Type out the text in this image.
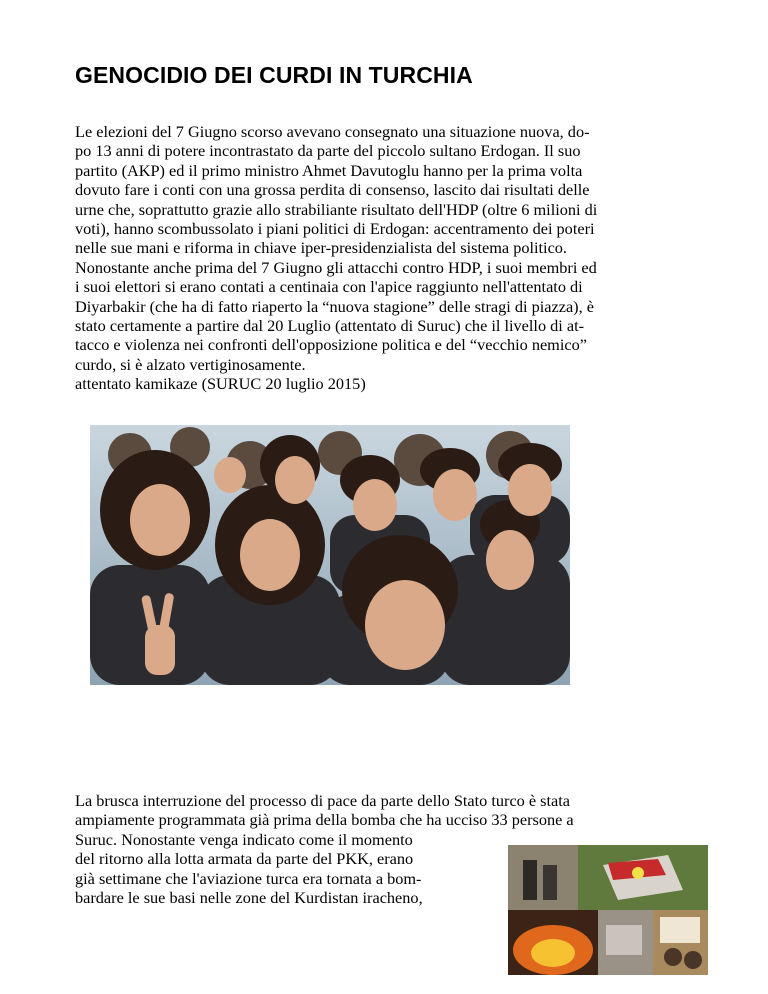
GENOCIDIO DEI CURDI IN TURCHIA
Le elezioni del 7 Giugno scorso avevano consegnato una situazione nuova, do-
po 13 anni di potere incontrastato da parte del piccolo sultano Erdogan. Il suo
partito (AKP) ed il primo ministro Ahmet Davutoglu hanno per la prima volta
dovuto fare i conti con una grossa perdita di consenso, lascito dai risultati delle
urne che, soprattutto grazie allo strabiliante risultato dell'HDP (oltre 6 milioni di
voti), hanno scombussolato i piani politici di Erdogan: accentramento dei poteri
nelle sue mani e riforma in chiave iper-presidenzialista del sistema politico.
Nonostante anche prima del 7 Giugno gli attacchi contro HDP, i suoi membri ed
i suoi elettori si erano contati a centinaia con l'apice raggiunto nell'attentato di
Diyarbakir (che ha di fatto riaperto la “nuova stagione” delle stragi di piazza), è
stato certamente a partire dal 20 Luglio (attentato di Suruc) che il livello di at-
tacco e violenza nei confronti dell'opposizione politica e del “vecchio nemico”
curdo, si è alzato vertiginosamente.
attentato kamikaze (SURUC 20 luglio 2015)
La brusca interruzione del processo di pace da parte dello Stato turco è stata
ampiamente programmata già prima della bomba che ha ucciso 33 persone a
Suruc. Nonostante venga indicato come il momento
del ritorno alla lotta armata da parte del PKK, erano
già settimane che l'aviazione turca era tornata a bom-
bardare le sue basi nelle zone del Kurdistan iracheno,
